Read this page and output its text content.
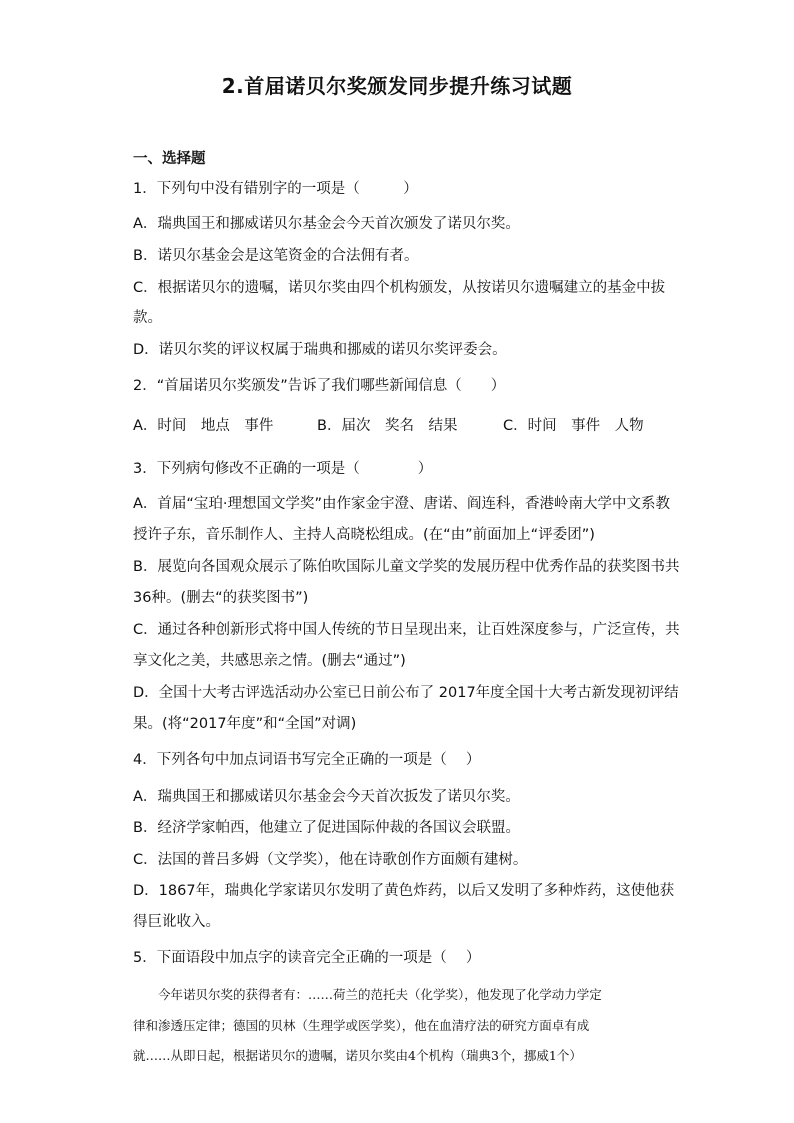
2.首届诺贝尔奖颁发同步提升练习试题
一、选择题
1．下列句中没有错别字的一项是（　　　）
A．瑞典国王和挪威诺贝尔基金会今天首次颁发了诺贝尔奖。
B．诺贝尔基金会是这笔资金的合法佣有者。
C．根据诺贝尔的遗嘱，诺贝尔奖由四个机构颁发，从按诺贝尔遗嘱建立的基金中拔
款。
D．诺贝尔奖的评议权属于瑞典和挪威的诺贝尔奖评委会。
2．“首届诺贝尔奖颁发”告诉了我们哪些新闻信息（　　）
A．时间　地点　事件	B．届次　奖名　结果	C．时间　事件　人物
3．下列病句修改不正确的一项是（　　　　）
A．首届“宝珀·理想国文学奖”由作家金宇澄、唐诺、阎连科，香港岭南大学中文系教
授许子东，音乐制作人、主持人高晓松组成。(在“由”前面加上“评委团”)
B．展览向各国观众展示了陈伯吹国际儿童文学奖的发展历程中优秀作品的获奖图书共
36种。(删去“的获奖图书”)
C．通过各种创新形式将中国人传统的节日呈现出来，让百姓深度参与，广泛宣传，共
享文化之美，共感思亲之情。(删去“通过”)
D．全国十大考古评选活动办公室已日前公布了 2017年度全国十大考古新发现初评结
果。(将“2017年度”和“全国”对调)
4．下列各句中加点词语书写完全正确的一项是（　 ）
A．瑞典国王和挪威诺贝尔基金会今天首次扳发了诺贝尔奖。
B．经济学家帕西，他建立了促进国际仲裁的各国议会联盟。
C．法国的普吕多姆（文学奖），他在诗歌创作方面颇有建树。
D．1867年，瑞典化学家诺贝尔发明了黄色炸药，以后又发明了多种炸药，这使他获
得巨讹收入。
5．下面语段中加点字的读音完全正确的一项是（　 ）
　　今年诺贝尔奖的获得者有：……荷兰的范托夫（化学奖），他发现了化学动力学定
律和渗透压定律；德国的贝林（生理学或医学奖），他在血清疗法的研究方面卓有成
就……从即日起，根据诺贝尔的遗嘱，诺贝尔奖由4个机构（瑞典3个，挪威1个）
